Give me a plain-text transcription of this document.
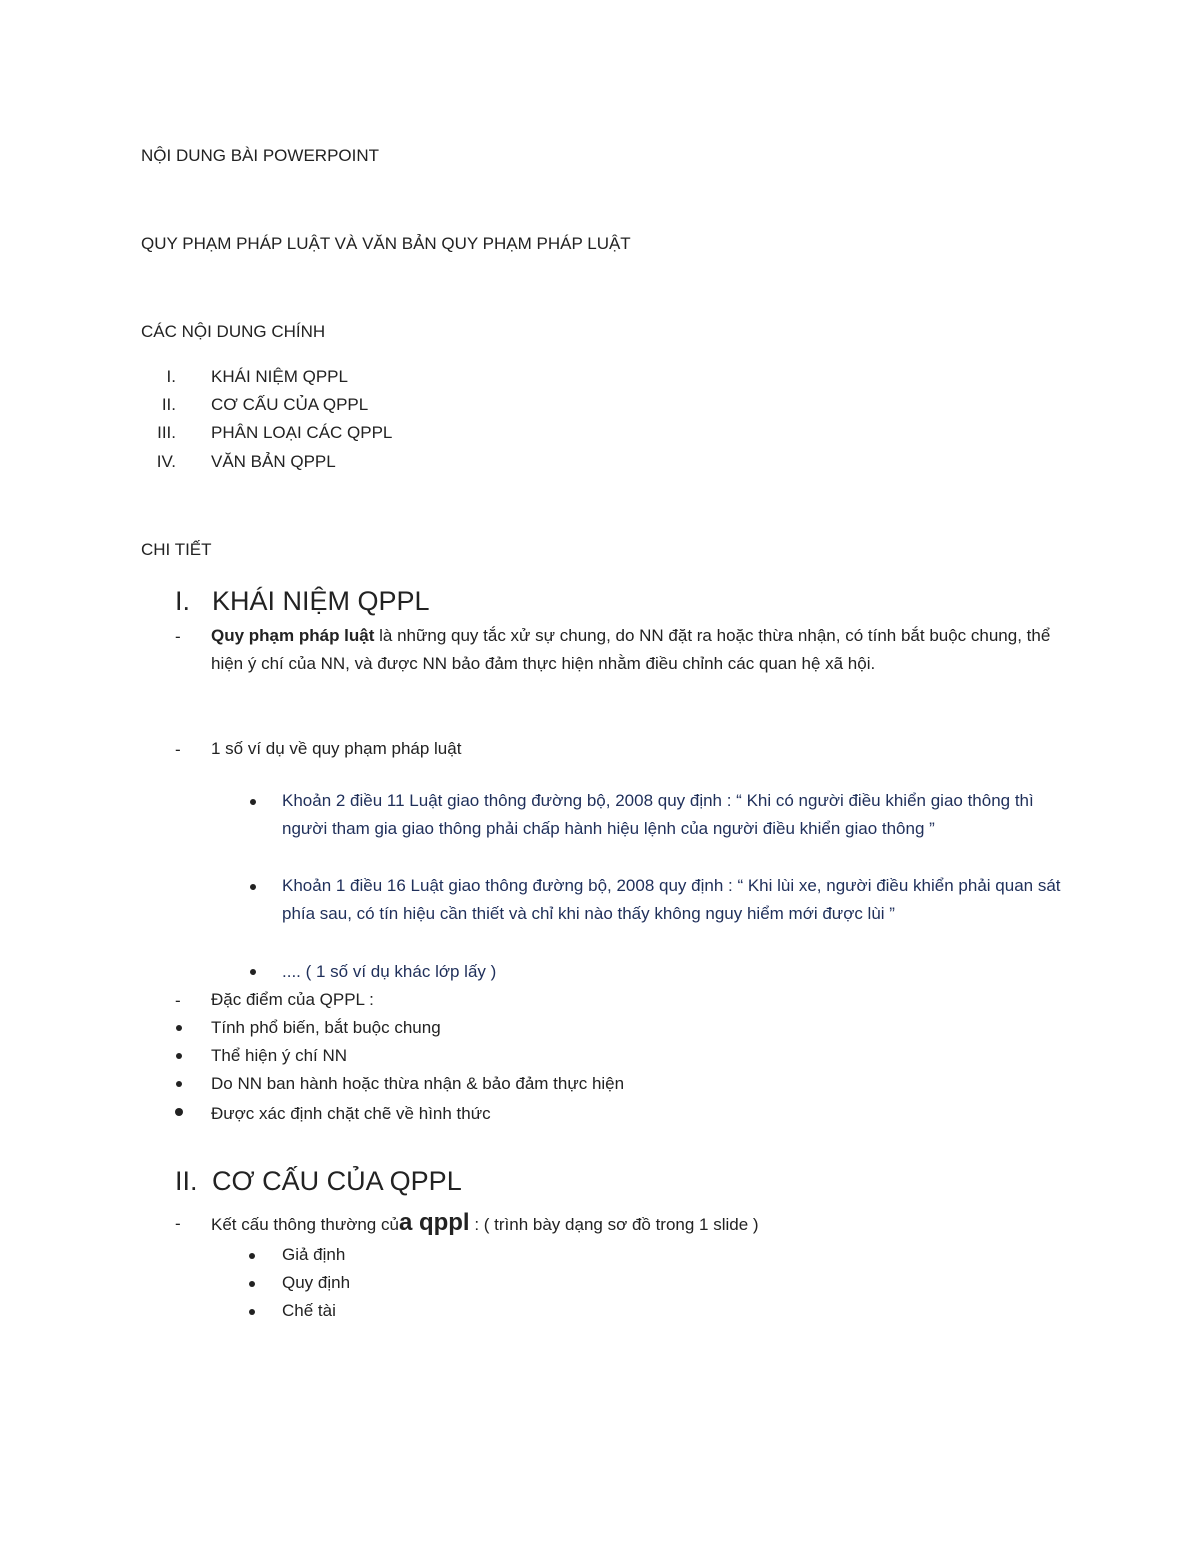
NỘI DUNG BÀI POWERPOINT
QUY PHẠM PHÁP LUẬT VÀ VĂN BẢN QUY PHẠM PHÁP LUẬT
CÁC NỘI DUNG CHÍNH
I. KHÁI NIỆM QPPL
II. CƠ CẤU CỦA QPPL
III. PHÂN LOẠI CÁC QPPL
IV. VĂN BẢN QPPL
CHI TIẾT
I. KHÁI NIỆM QPPL
- Quy phạm pháp luật là những quy tắc xử sự chung, do NN đặt ra hoặc thừa nhận, có tính bắt buộc chung, thể hiện ý chí của NN, và được NN bảo đảm thực hiện nhằm điều chỉnh các quan hệ xã hội.
- 1 số ví dụ về quy phạm pháp luật
Khoản 2 điều 11 Luật giao thông đường bộ, 2008 quy định : “ Khi có người điều khiển giao thông thì người tham gia giao thông phải chấp hành hiệu lệnh của người điều khiển giao thông ”
Khoản 1 điều 16 Luật giao thông đường bộ, 2008 quy định : “ Khi lùi xe, người điều khiển phải quan sát phía sau, có tín hiệu cần thiết và chỉ khi nào thấy không nguy hiểm mới được lùi ”
.... ( 1 số ví dụ khác lớp lấy )
- Đặc điểm của QPPL :
Tính phổ biến, bắt buộc chung
Thể hiện ý chí NN
Do NN ban hành hoặc thừa nhận & bảo đảm thực hiện
Được xác định chặt chẽ về hình thức
II. CƠ CẤU CỦA QPPL
- Kết cấu thông thường của qppl : ( trình bày dạng sơ đồ trong 1 slide )
Giả định
Quy định
Chế tài
